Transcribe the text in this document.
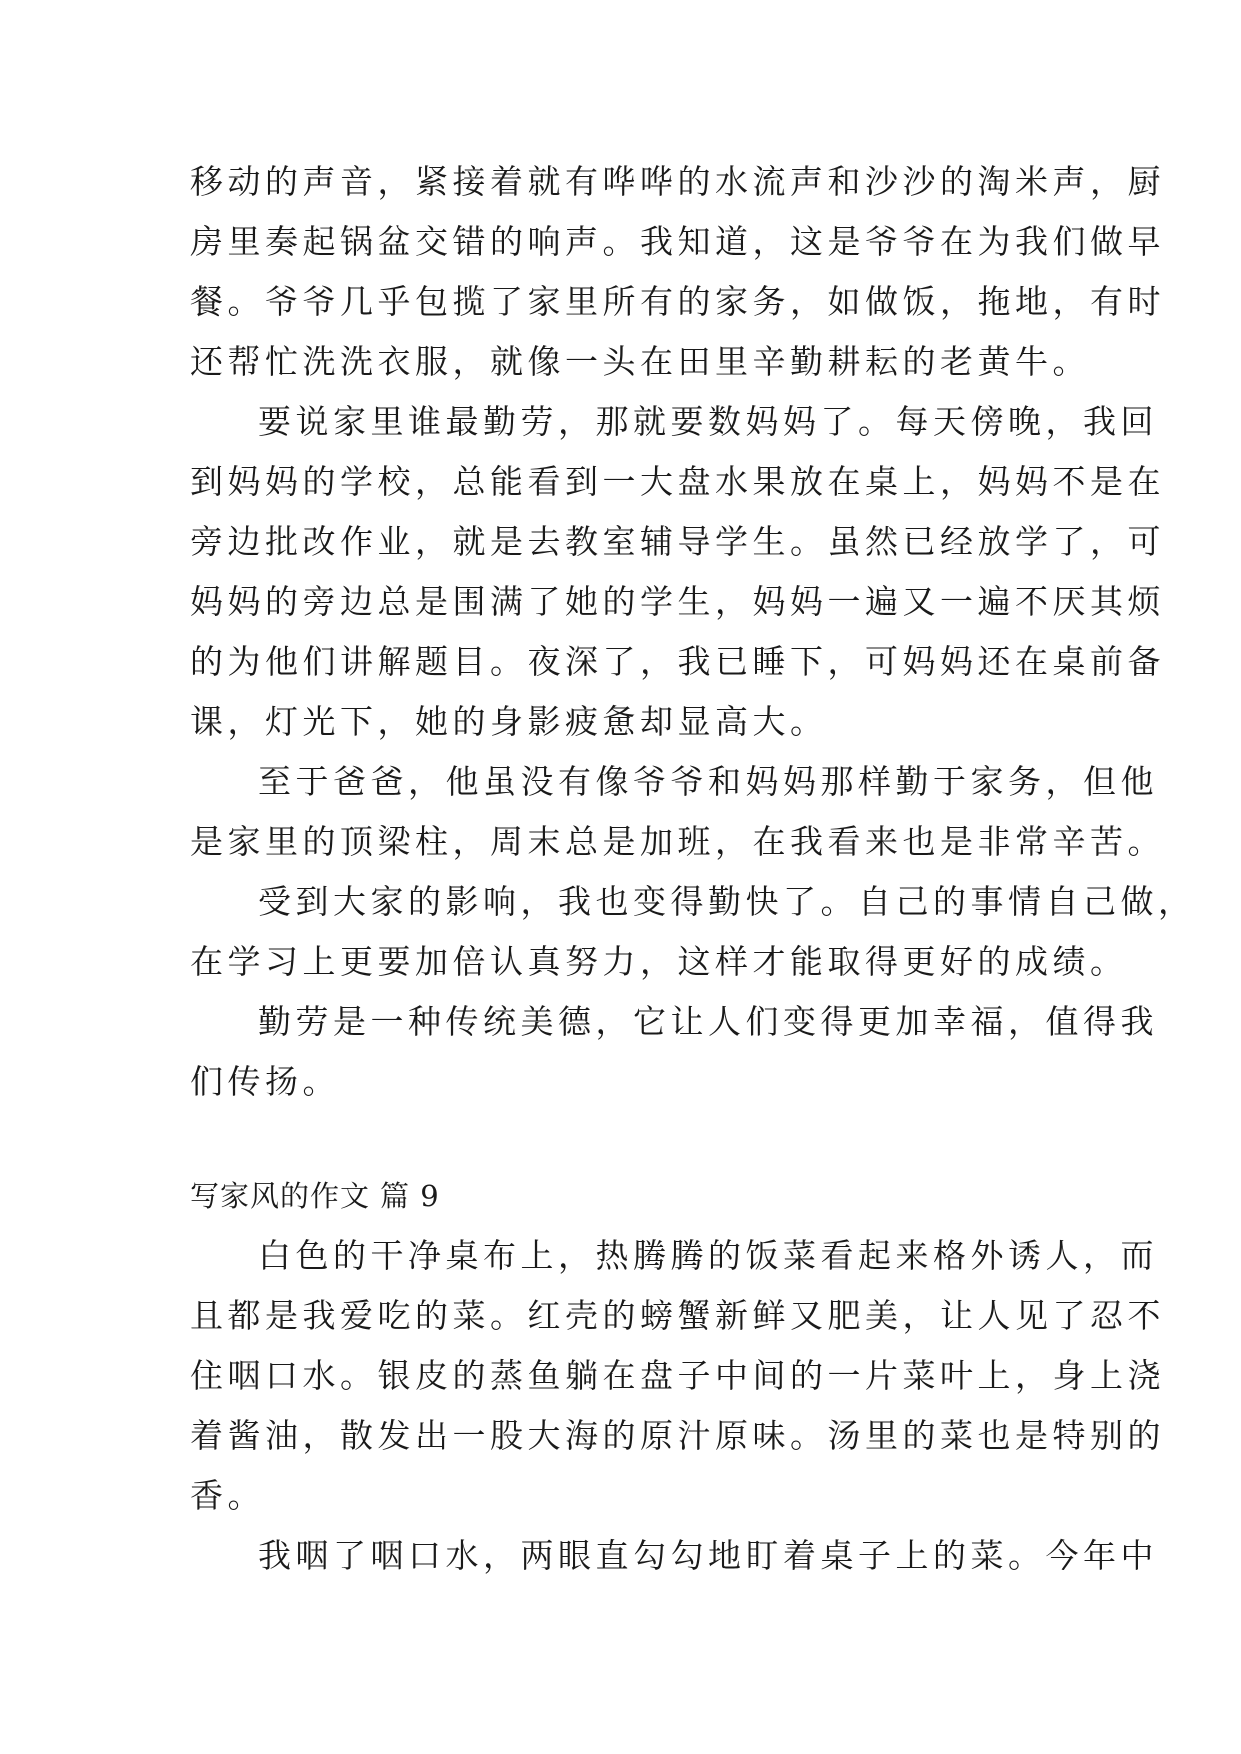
移动的声音，紧接着就有哗哗的水流声和沙沙的淘米声，厨
房里奏起锅盆交错的响声。我知道，这是爷爷在为我们做早
餐。爷爷几乎包揽了家里所有的家务，如做饭，拖地，有时
还帮忙洗洗衣服，就像一头在田里辛勤耕耘的老黄牛。
要说家里谁最勤劳，那就要数妈妈了。每天傍晚，我回
到妈妈的学校，总能看到一大盘水果放在桌上，妈妈不是在
旁边批改作业，就是去教室辅导学生。虽然已经放学了，可
妈妈的旁边总是围满了她的学生，妈妈一遍又一遍不厌其烦
的为他们讲解题目。夜深了，我已睡下，可妈妈还在桌前备
课，灯光下，她的身影疲惫却显高大。
至于爸爸，他虽没有像爷爷和妈妈那样勤于家务，但他
是家里的顶梁柱，周末总是加班，在我看来也是非常辛苦。
受到大家的影响，我也变得勤快了。自己的事情自己做，
在学习上更要加倍认真努力，这样才能取得更好的成绩。
勤劳是一种传统美德，它让人们变得更加幸福，值得我
们传扬。
写家风的作文 篇 9
白色的干净桌布上，热腾腾的饭菜看起来格外诱人，而
且都是我爱吃的菜。红壳的螃蟹新鲜又肥美，让人见了忍不
住咽口水。银皮的蒸鱼躺在盘子中间的一片菜叶上，身上浇
着酱油，散发出一股大海的原汁原味。汤里的菜也是特别的
香。
我咽了咽口水，两眼直勾勾地盯着桌子上的菜。今年中
